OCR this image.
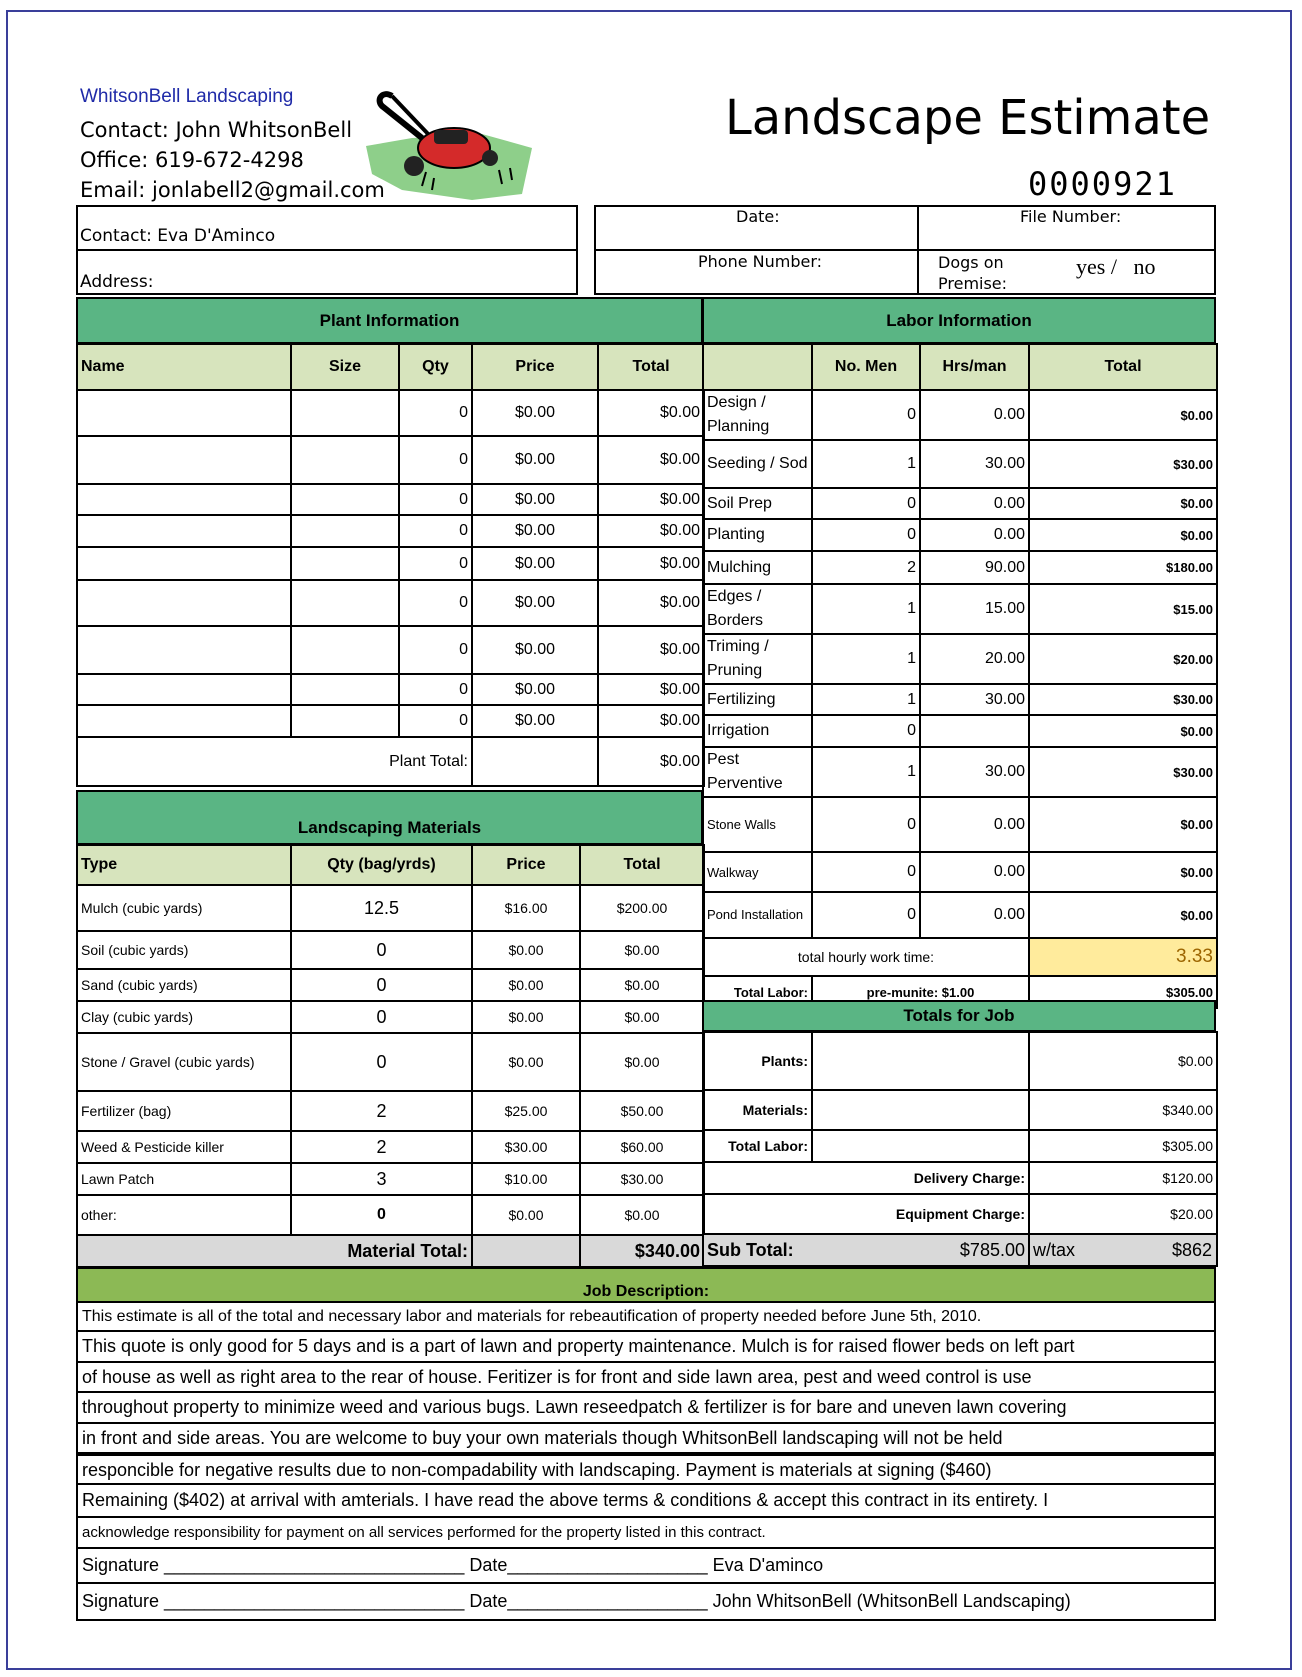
WhitsonBell Landscaping
Contact: John WhitsonBell
Office: 619-672-4298
Email: jonlabell2@gmail.com
Landscape Estimate
0000921
Contact: Eva D'Aminco
Address:
Date:	File Number:
Phone Number:	Dogs on Premise:
yes /   no
Plant Information
Name	Size	Qty	Price	Total
		0	$0.00	$0.00
		0	$0.00	$0.00
		0	$0.00	$0.00
		0	$0.00	$0.00
		0	$0.00	$0.00
		0	$0.00	$0.00
		0	$0.00	$0.00
		0	$0.00	$0.00
		0	$0.00	$0.00
Plant Total:				$0.00
Landscaping Materials
Type	Qty (bag/yrds)	Price	Total
Mulch (cubic yards)	12.5	$16.00	$200.00
Soil (cubic yards)	0	$0.00	$0.00
Sand (cubic yards)	0	$0.00	$0.00
Clay (cubic yards)	0	$0.00	$0.00
Stone / Gravel (cubic yards)	0	$0.00	$0.00
Fertilizer (bag)	2	$25.00	$50.00
Weed & Pesticide killer	2	$30.00	$60.00
Lawn Patch	3	$10.00	$30.00
other:	0	$0.00	$0.00
Material Total:			$340.00
Labor Information
	No. Men	Hrs/man	Total
Design / Planning	0	0.00	$0.00
Seeding / Sod	1	30.00	$30.00
Soil Prep	0	0.00	$0.00
Planting	0	0.00	$0.00
Mulching	2	90.00	$180.00
Edges / Borders	1	15.00	$15.00
Triming / Pruning	1	20.00	$20.00
Fertilizing	1	30.00	$30.00
Irrigation	0		$0.00
Pest Perventive	1	30.00	$30.00
Stone Walls	0	0.00	$0.00
Walkway	0	0.00	$0.00
Pond Installation	0	0.00	$0.00
total hourly work time:			3.33
Total Labor:	pre-munite: $1.00		$305.00
Totals for Job
Plants:		$0.00
Materials:		$340.00
Total Labor:		$305.00
Delivery Charge:		$120.00
Equipment Charge:		$20.00
Sub Total:	$785.00	w/tax $862
Job Description:
This estimate is all of the total and necessary labor and materials for rebeautification of property needed before June 5th, 2010.
This quote is only good for 5 days and is a part of lawn and property maintenance. Mulch is for raised flower beds on left part
of house as well as right area to the rear of house. Feritizer is for front and side lawn area, pest and weed control is use
throughout property to minimize weed and various bugs. Lawn reseedpatch & fertilizer is for bare and uneven lawn covering
in front and side areas. You are welcome to buy your own materials though WhitsonBell landscaping will not be held
responcible for negative results due to non-compadability with landscaping. Payment is materials at signing ($460)
Remaining ($402) at arrival with amterials. I have read the above terms & conditions & accept this contract in its entirety. I
acknowledge responsibility for payment on all services performed for the property listed in this contract.
Signature ______________________________ Date____________________ Eva D'aminco
Signature ______________________________ Date____________________ John WhitsonBell (WhitsonBell Landscaping)
